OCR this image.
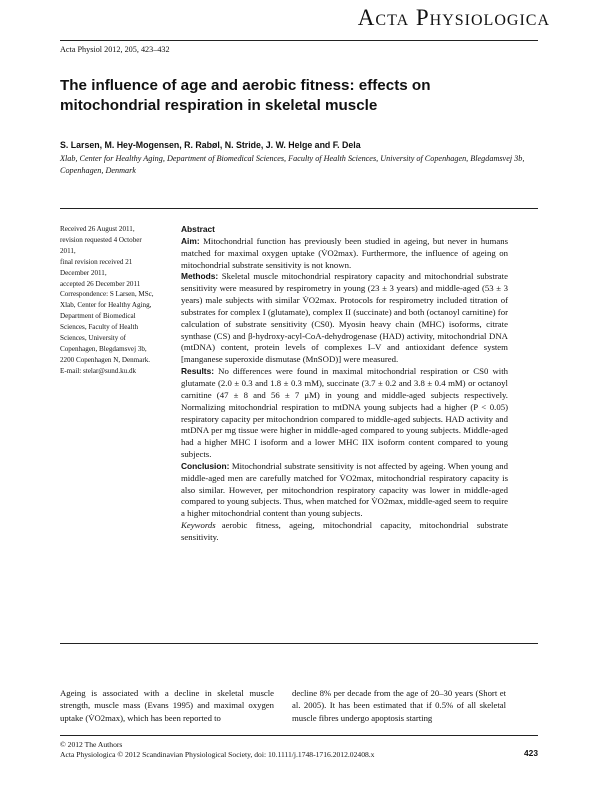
Acta Physiologica
Acta Physiol 2012, 205, 423–432
The influence of age and aerobic fitness: effects on mitochondrial respiration in skeletal muscle
S. Larsen, M. Hey-Mogensen, R. Rabøl, N. Stride, J. W. Helge and F. Dela
Xlab, Center for Healthy Aging, Department of Biomedical Sciences, Faculty of Health Sciences, University of Copenhagen, Blegdamsvej 3b, Copenhagen, Denmark
Received 26 August 2011,
revision requested 4 October 2011,
final revision received 21 December 2011,
accepted 26 December 2011
Correspondence: S Larsen, MSc, Xlab, Center for Healthy Aging, Department of Biomedical Sciences, Faculty of Health Sciences, University of Copenhagen, Blegdamsvej 3b, 2200 Copenhagen N, Denmark.
E-mail: stelar@sund.ku.dk

Abstract

Aim: Mitochondrial function has previously been studied in ageing, but never in humans matched for maximal oxygen uptake (V̇O2max). Furthermore, the influence of ageing on mitochondrial substrate sensitivity is not known.

Methods: Skeletal muscle mitochondrial respiratory capacity and mitochondrial substrate sensitivity were measured by respirometry in young (23 ± 3 years) and middle-aged (53 ± 3 years) male subjects with similar V̇O2max. Protocols for respirometry included titration of substrates for complex I (glutamate), complex II (succinate) and both (octanoyl carnitine) for calculation of substrate sensitivity (CS0). Myosin heavy chain (MHC) isoforms, citrate synthase (CS) and β-hydroxy-acyl-CoA-dehydrogenase (HAD) activity, mitochondrial DNA (mtDNA) content, protein levels of complexes I–V and antioxidant defence system [manganese superoxide dismutase (MnSOD)] were measured.

Results: No differences were found in maximal mitochondrial respiration or CS0 with glutamate (2.0 ± 0.3 and 1.8 ± 0.3 mM), succinate (3.7 ± 0.2 and 3.8 ± 0.4 mM) or octanoyl carnitine (47 ± 8 and 56 ± 7 μM) in young and middle-aged subjects respectively. Normalizing mitochondrial respiration to mtDNA young subjects had a higher (P < 0.05) respiratory capacity per mitochondrion compared to middle-aged subjects. HAD activity and mtDNA per mg tissue were higher in middle-aged compared to young subjects. Middle-aged had a higher MHC I isoform and a lower MHC IIX isoform content compared to young subjects.

Conclusion: Mitochondrial substrate sensitivity is not affected by ageing. When young and middle-aged men are carefully matched for V̇O2max, mitochondrial respiratory capacity is also similar. However, per mitochondrion respiratory capacity was lower in middle-aged compared to young subjects. Thus, when matched for V̇O2max, middle-aged seem to require a higher mitochondrial content than young subjects.

Keywords aerobic fitness, ageing, mitochondrial capacity, mitochondrial substrate sensitivity.

Ageing is associated with a decline in skeletal muscle strength, muscle mass (Evans 1995) and maximal oxygen uptake (V̇O2max), which has been reported to
decline 8% per decade from the age of 20–30 years (Short et al. 2005). It has been estimated that if 0.5% of all skeletal muscle fibres undergo apoptosis starting
© 2012 The Authors
Acta Physiologica © 2012 Scandinavian Physiological Society, doi: 10.1111/j.1748-1716.2012.02408.x	423
